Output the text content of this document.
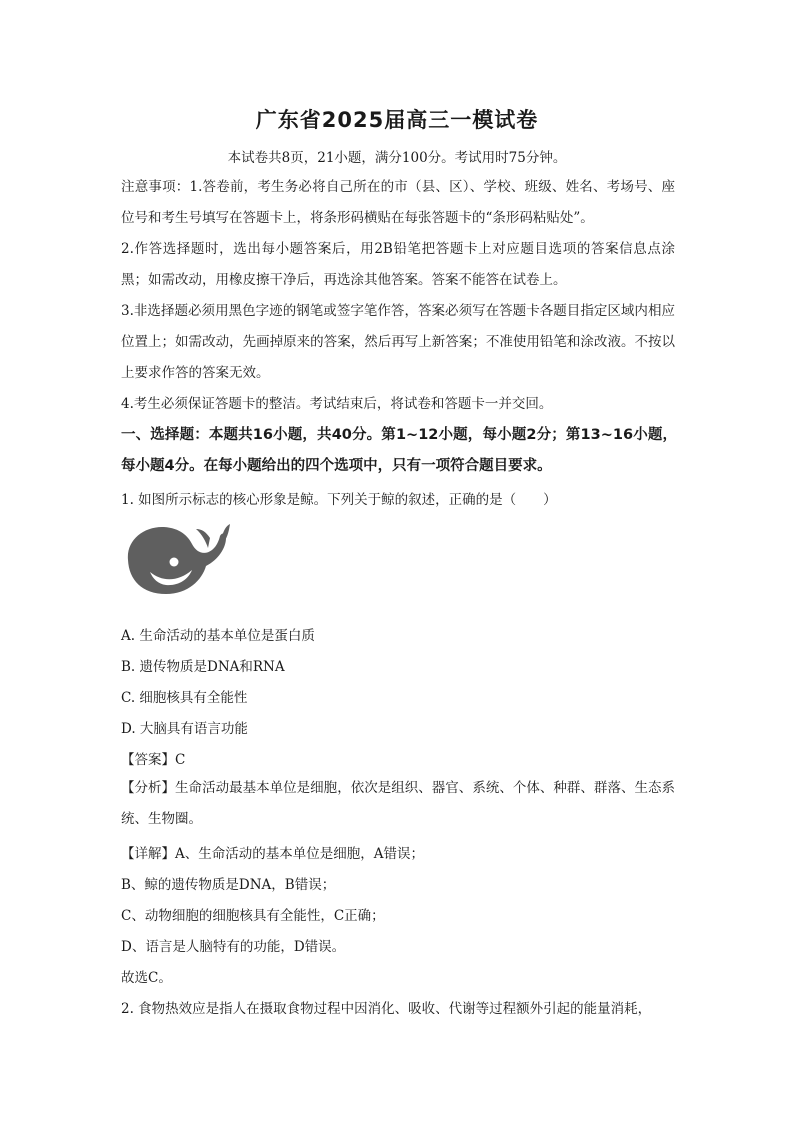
广东省2025届高三一模试卷
本试卷共8页，21小题，满分100分。考试用时75分钟。
注意事项：1.答卷前，考生务必将自己所在的市（县、区）、学校、班级、姓名、考场号、座位号和考生号填写在答题卡上，将条形码横贴在每张答题卡的“条形码粘贴处”。
2.作答选择题时，选出每小题答案后，用2B铅笔把答题卡上对应题目选项的答案信息点涂黑；如需改动，用橡皮擦干净后，再选涂其他答案。答案不能答在试卷上。
3.非选择题必须用黑色字迹的钢笔或签字笔作答，答案必须写在答题卡各题目指定区域内相应位置上；如需改动，先画掉原来的答案，然后再写上新答案；不准使用铅笔和涂改液。不按以上要求作答的答案无效。
4.考生必须保证答题卡的整洁。考试结束后，将试卷和答题卡一并交回。
一、选择题：本题共16小题，共40分。第1~12小题，每小题2分；第13~16小题，每小题4分。在每小题给出的四个选项中，只有一项符合题目要求。
1. 如图所示标志的核心形象是鲸。下列关于鲸的叙述，正确的是（　　）
A. 生命活动的基本单位是蛋白质
B. 遗传物质是DNA和RNA
C. 细胞核具有全能性
D. 大脑具有语言功能
【答案】C
【分析】生命活动最基本单位是细胞，依次是组织、器官、系统、个体、种群、群落、生态系统、生物圈。
【详解】A、生命活动的基本单位是细胞，A错误；
B、鲸的遗传物质是DNA，B错误；
C、动物细胞的细胞核具有全能性，C正确；
D、语言是人脑特有的功能，D错误。
故选C。
2. 食物热效应是指人在摄取食物过程中因消化、吸收、代谢等过程额外引起的能量消耗，
